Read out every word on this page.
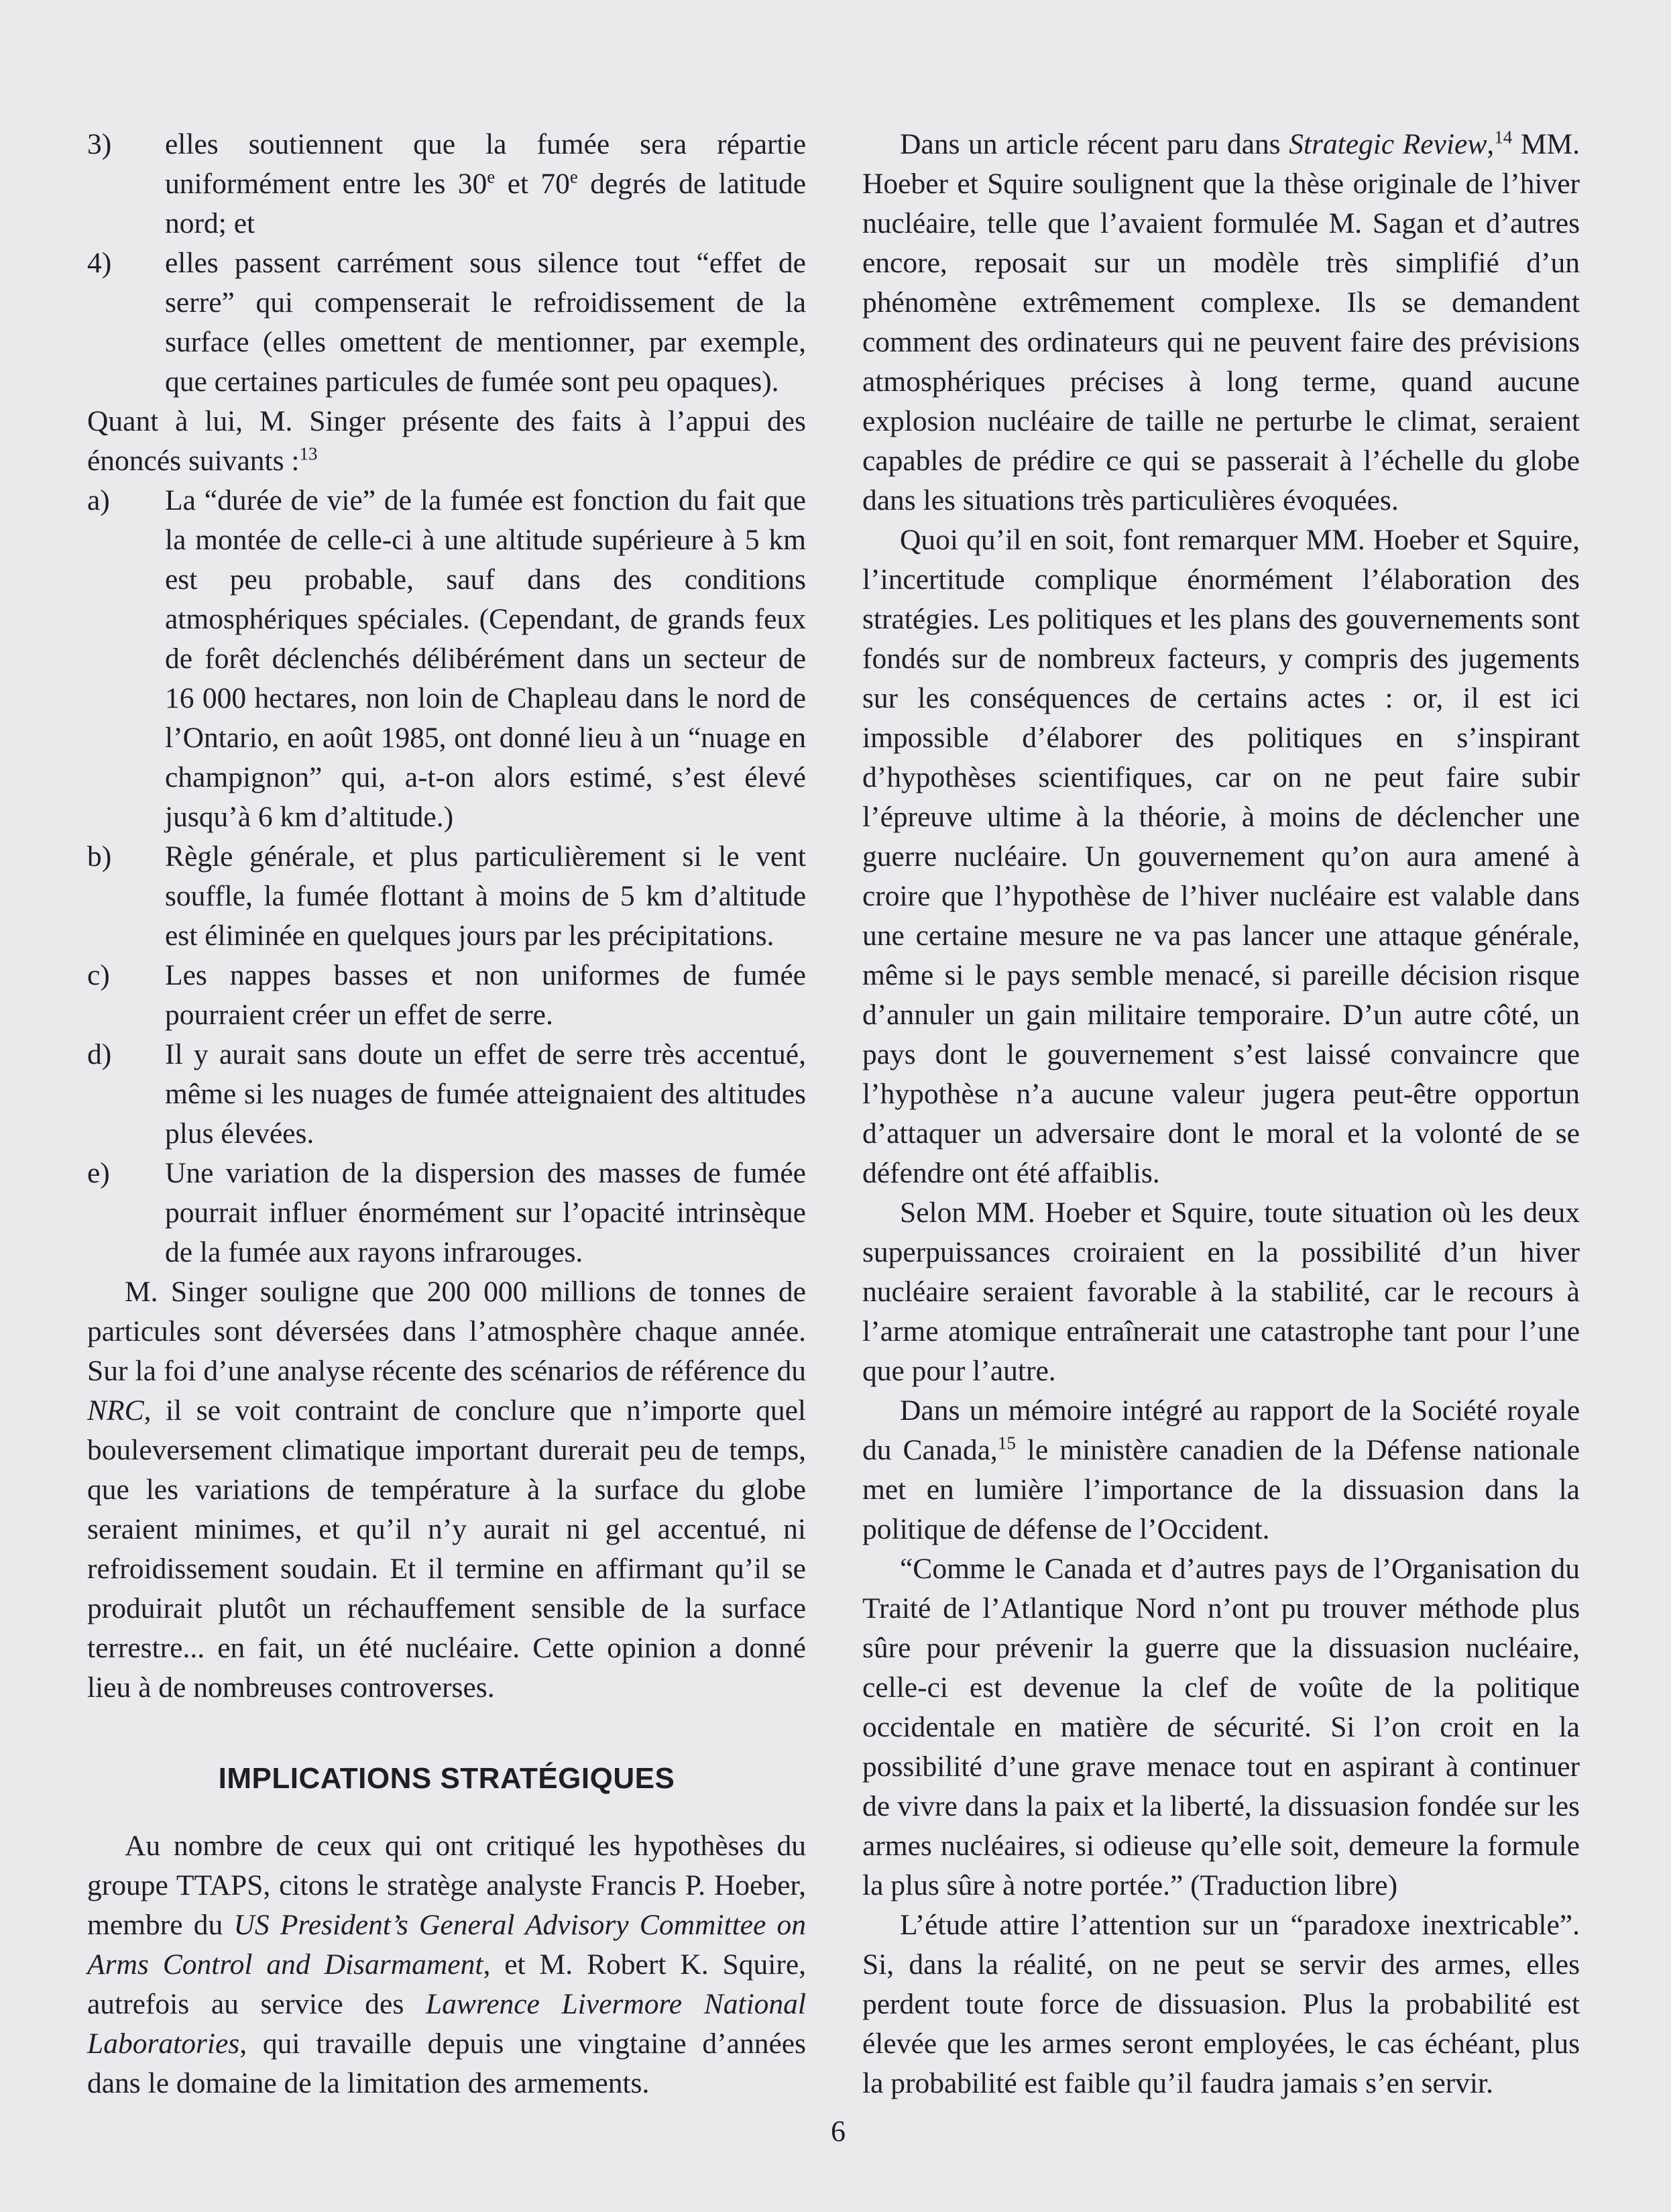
3)	elles soutiennent que la fumée sera répartie uniformément entre les 30e et 70e degrés de latitude nord; et
4)	elles passent carrément sous silence tout “effet de serre” qui compenserait le refroidissement de la surface (elles omettent de mentionner, par exemple, que certaines particules de fumée sont peu opaques).

Quant à lui, M. Singer présente des faits à l’appui des énoncés suivants :$^{13}$

a)	La “durée de vie” de la fumée est fonction du fait que la montée de celle-ci à une altitude supérieure à 5 km est peu probable, sauf dans des conditions atmosphériques spéciales. (Cependant, de grands feux de forêt déclenchés délibérément dans un secteur de 16 000 hectares, non loin de Chapleau dans le nord de l’Ontario, en août 1985, ont donné lieu à un “nuage en champignon” qui, a-t-on alors estimé, s’est élevé jusqu’à 6 km d’altitude.)
b)	Règle générale, et plus particulièrement si le vent souffle, la fumée flottant à moins de 5 km d’altitude est éliminée en quelques jours par les précipitations.
c)	Les nappes basses et non uniformes de fumée pourraient créer un effet de serre.
d)	Il y aurait sans doute un effet de serre très accentué, même si les nuages de fumée atteignaient des altitudes plus élevées.
e)	Une variation de la dispersion des masses de fumée pourrait influer énormément sur l’opacité intrinsèque de la fumée aux rayons infrarouges.

M. Singer souligne que 200 000 millions de tonnes de particules sont déversées dans l’atmosphère chaque année. Sur la foi d’une analyse récente des scénarios de référence du NRC, il se voit contraint de conclure que n’importe quel bouleversement climatique important durerait peu de temps, que les variations de température à la surface du globe seraient minimes, et qu’il n’y aurait ni gel accentué, ni refroidissement soudain. Et il termine en affirmant qu’il se produirait plutôt un réchauffement sensible de la surface terrestre... en fait, un été nucléaire. Cette opinion a donné lieu à de nombreuses controverses.

IMPLICATIONS STRATÉGIQUES

Au nombre de ceux qui ont critiqué les hypothèses du groupe TTAPS, citons le stratège analyste Francis P. Hoeber, membre du US President’s General Advisory Committee on Arms Control and Disarmament, et M. Robert K. Squire, autrefois au service des Lawrence Livermore National Laboratories, qui travaille depuis une vingtaine d’années dans le domaine de la limitation des armements.

Dans un article récent paru dans Strategic Review,$^{14}$ MM. Hoeber et Squire soulignent que la thèse originale de l’hiver nucléaire, telle que l’avaient formulée M. Sagan et d’autres encore, reposait sur un modèle très simplifié d’un phénomène extrêmement complexe. Ils se demandent comment des ordinateurs qui ne peuvent faire des prévisions atmosphériques précises à long terme, quand aucune explosion nucléaire de taille ne perturbe le climat, seraient capables de prédire ce qui se passerait à l’échelle du globe dans les situations très particulières évoquées.

Quoi qu’il en soit, font remarquer MM. Hoeber et Squire, l’incertitude complique énormément l’élaboration des stratégies. Les politiques et les plans des gouvernements sont fondés sur de nombreux facteurs, y compris des jugements sur les conséquences de certains actes : or, il est ici impossible d’élaborer des politiques en s’inspirant d’hypothèses scientifiques, car on ne peut faire subir l’épreuve ultime à la théorie, à moins de déclencher une guerre nucléaire. Un gouvernement qu’on aura amené à croire que l’hypothèse de l’hiver nucléaire est valable dans une certaine mesure ne va pas lancer une attaque générale, même si le pays semble menacé, si pareille décision risque d’annuler un gain militaire temporaire. D’un autre côté, un pays dont le gouvernement s’est laissé convaincre que l’hypothèse n’a aucune valeur jugera peut-être opportun d’attaquer un adversaire dont le moral et la volonté de se défendre ont été affaiblis.

Selon MM. Hoeber et Squire, toute situation où les deux superpuissances croiraient en la possibilité d’un hiver nucléaire seraient favorable à la stabilité, car le recours à l’arme atomique entraînerait une catastrophe tant pour l’une que pour l’autre.

Dans un mémoire intégré au rapport de la Société royale du Canada,$^{15}$ le ministère canadien de la Défense nationale met en lumière l’importance de la dissuasion dans la politique de défense de l’Occident.

“Comme le Canada et d’autres pays de l’Organisation du Traité de l’Atlantique Nord n’ont pu trouver méthode plus sûre pour prévenir la guerre que la dissuasion nucléaire, celle-ci est devenue la clef de voûte de la politique occidentale en matière de sécurité. Si l’on croit en la possibilité d’une grave menace tout en aspirant à continuer de vivre dans la paix et la liberté, la dissuasion fondée sur les armes nucléaires, si odieuse qu’elle soit, demeure la formule la plus sûre à notre portée.” (Traduction libre)

L’étude attire l’attention sur un “paradoxe inextricable”. Si, dans la réalité, on ne peut se servir des armes, elles perdent toute force de dissuasion. Plus la probabilité est élevée que les armes seront employées, le cas échéant, plus la probabilité est faible qu’il faudra jamais s’en servir.

6
